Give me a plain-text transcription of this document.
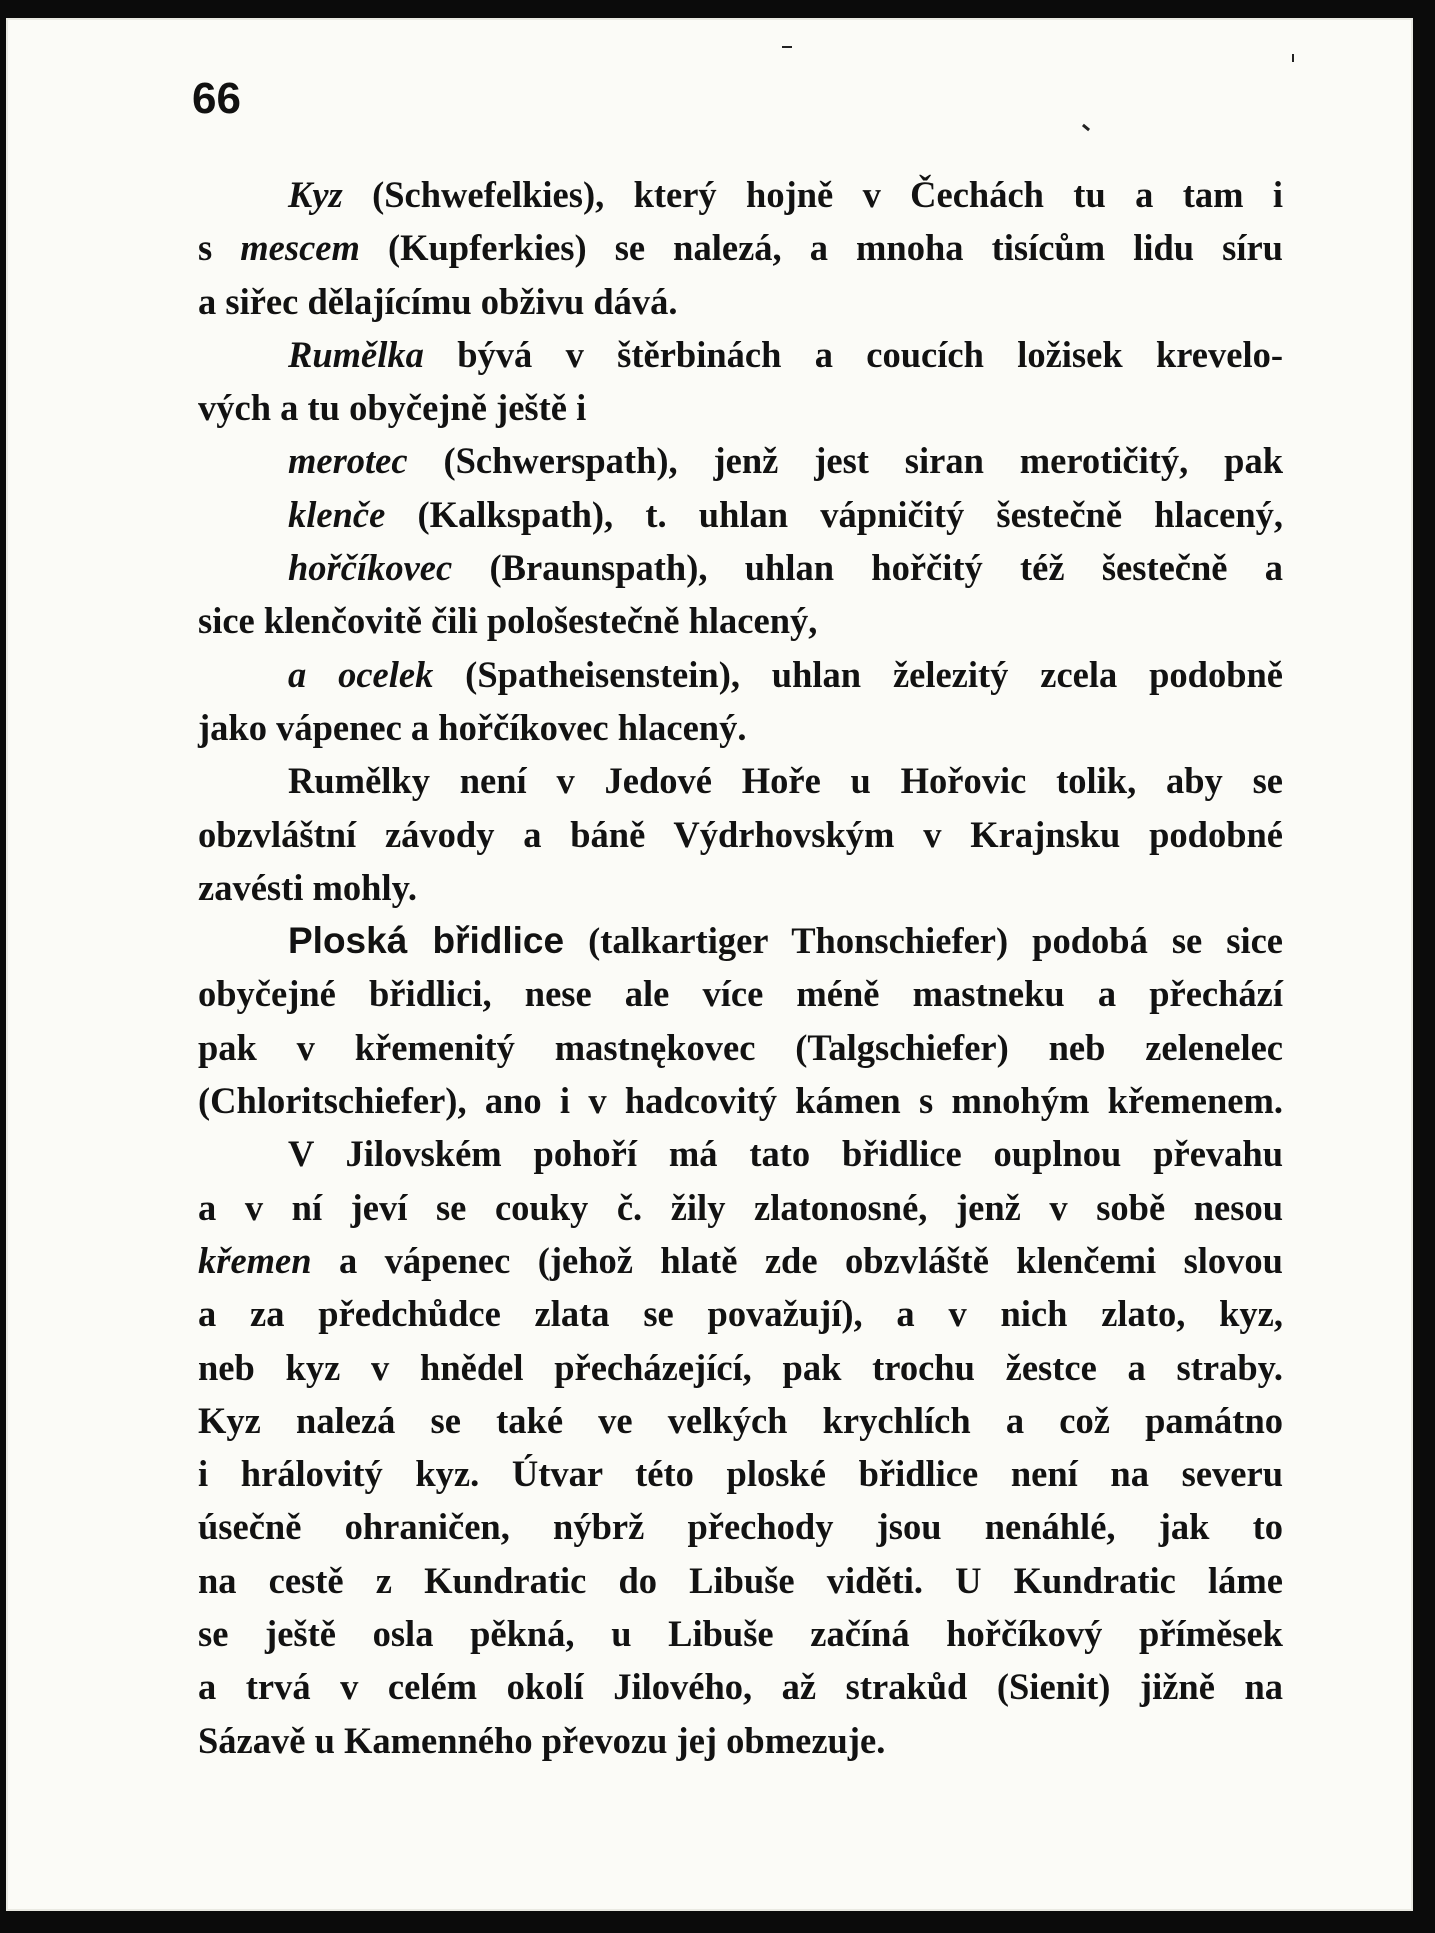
66
Kyz (Schwefelkies), který hojně v Čechách tu a tam i
s mescem (Kupferkies) se nalezá, a mnoha tisícům lidu síru
a siřec dělajícímu obživu dává.
Rumělka bývá v štěrbinách a coucích ložisek krevelo-
vých a tu obyčejně ještě i
merotec (Schwerspath), jenž jest siran merotičitý, pak
klenče (Kalkspath), t. uhlan vápničitý šestečně hlacený,
hořčíkovec (Braunspath), uhlan hořčitý též šestečně a
sice klenčovitě čili pološestečně hlacený,
a ocelek (Spatheisenstein), uhlan železitý zcela podobně
jako vápenec a hořčíkovec hlacený.
Rumělky není v Jedové Hoře u Hořovic tolik, aby se
obzvláštní závody a báně Výdrhovským v Krajnsku podobné
zavésti mohly.
Ploská břidlice (talkartiger Thonschiefer) podobá se sice
obyčejné břidlici, nese ale více méně mastneku a přechází
pak v křemenitý mastnękovec (Talgschiefer) neb zelenelec
(Chloritschiefer), ano i v hadcovitý kámen s mnohým křemenem.
V Jilovském pohoří má tato břidlice ouplnou převahu
a v ní jeví se couky č. žily zlatonosné, jenž v sobě nesou
křemen a vápenec (jehož hlatě zde obzvláště klenčemi slovou
a za předchůdce zlata se považují), a v nich zlato, kyz,
neb kyz v hnědel přecházející, pak trochu žestce a straby.
Kyz nalezá se také ve velkých krychlích a což památno
i hrálovitý kyz. Útvar této ploské břidlice není na severu
úsečně ohraničen, nýbrž přechody jsou nenáhlé, jak to
na cestě z Kundratic do Libuše viděti. U Kundratic láme
se ještě osla pěkná, u Libuše začíná hořčíkový příměsek
a trvá v celém okolí Jilového, až strakůd (Sienit) jižně na
Sázavě u Kamenného převozu jej obmezuje.
